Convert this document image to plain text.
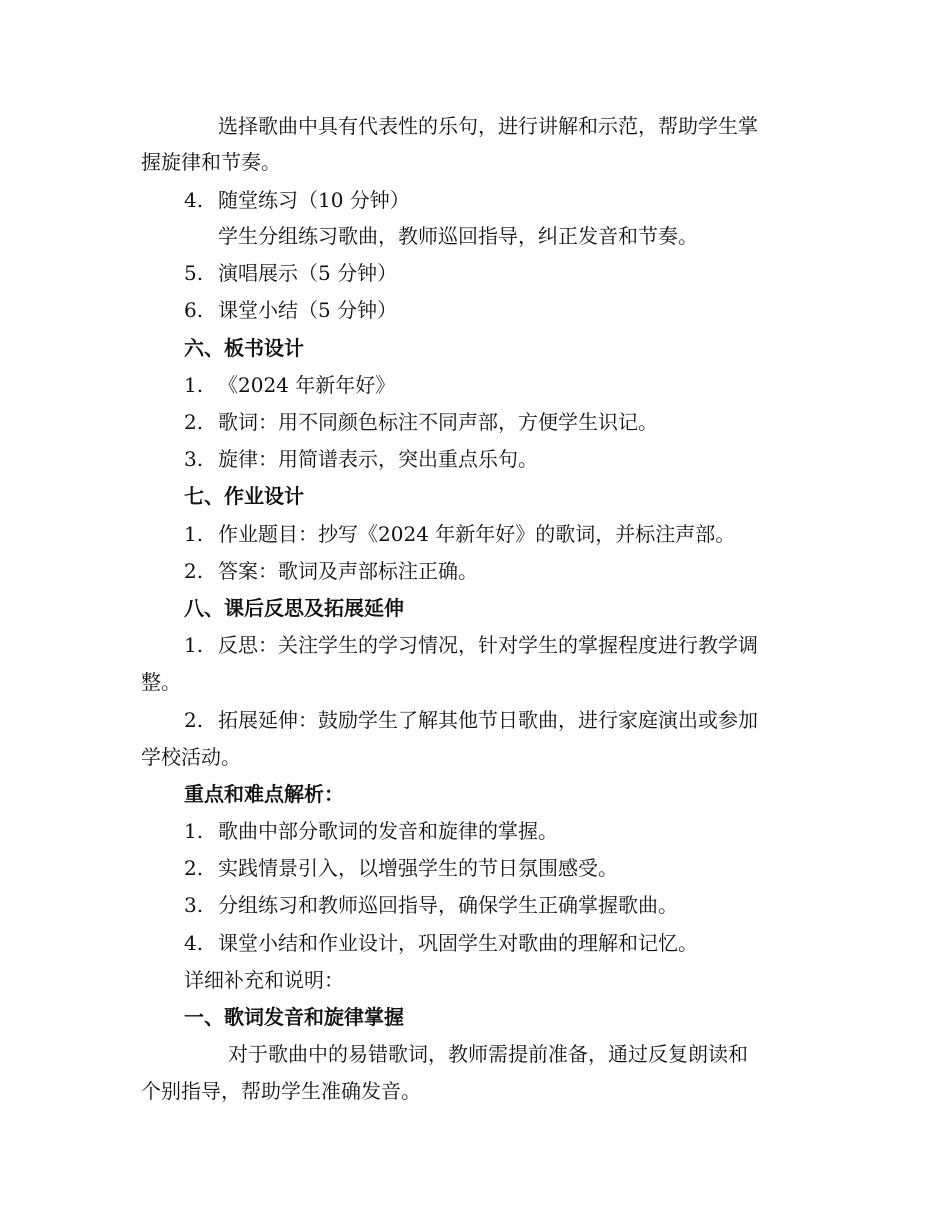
选择歌曲中具有代表性的乐句，进行讲解和示范，帮助学生掌
握旋律和节奏。
4. 随堂练习（10 分钟）
学生分组练习歌曲，教师巡回指导，纠正发音和节奏。
5. 演唱展示（5 分钟）
6. 课堂小结（5 分钟）
六、板书设计
1. 《2024 年新年好》
2. 歌词：用不同颜色标注不同声部，方便学生识记。
3. 旋律：用简谱表示，突出重点乐句。
七、作业设计
1. 作业题目：抄写《2024 年新年好》的歌词，并标注声部。
2. 答案：歌词及声部标注正确。
八、课后反思及拓展延伸
1. 反思：关注学生的学习情况，针对学生的掌握程度进行教学调
整。
2. 拓展延伸：鼓励学生了解其他节日歌曲，进行家庭演出或参加
学校活动。
重点和难点解析：
1. 歌曲中部分歌词的发音和旋律的掌握。
2. 实践情景引入，以增强学生的节日氛围感受。
3. 分组练习和教师巡回指导，确保学生正确掌握歌曲。
4. 课堂小结和作业设计，巩固学生对歌曲的理解和记忆。
详细补充和说明：
一、歌词发音和旋律掌握
对于歌曲中的易错歌词，教师需提前准备，通过反复朗读和
个别指导，帮助学生准确发音。
